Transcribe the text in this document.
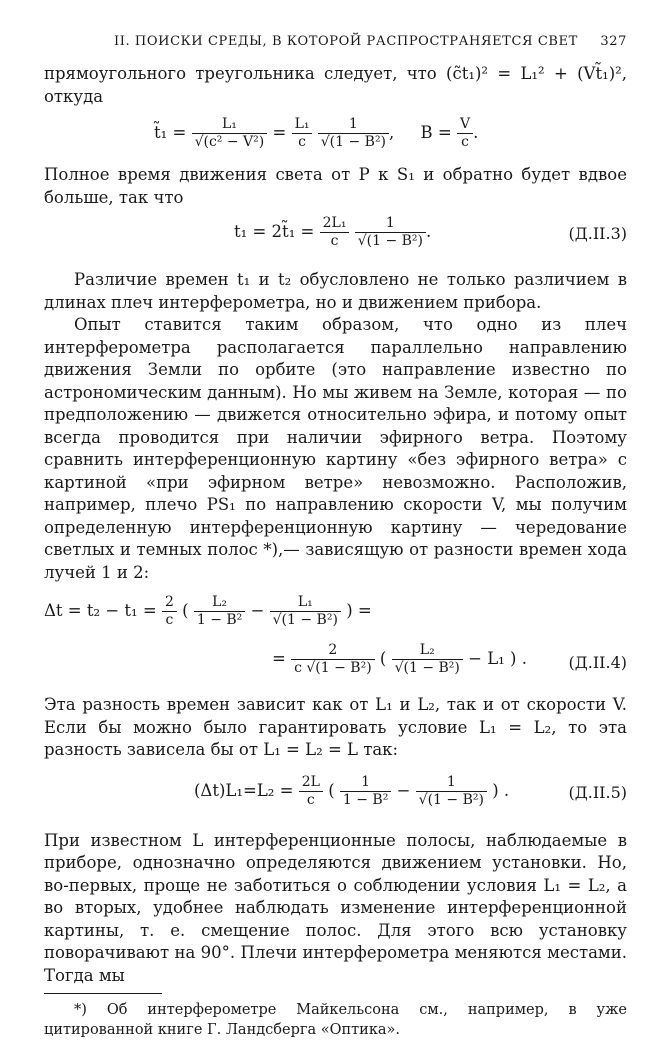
II. ПОИСКИ СРЕДЫ, В КОТОРОЙ РАСПРОСТРАНЯЕТСЯ СВЕТ 327

прямоугольного треугольника следует, что (c̃t₁)² = L₁² + (Vt̃₁)², откуда

t̃₁ = $\frac{\text{L₁}}{\text{√(c² − V²)}} = \frac{\text{L₁}}{c}$
$\frac{1}{\text{√(1 − B²)}}$ , $B = \frac{V}{c}$ .

Полное время движения света от P к S₁ и обратно будет вдвое больше, так что

t₁ = 2t̃₁ = $\frac{\text{2L₁}}{c}$
$\frac{1}{\text{√(1 − B²)}}$ .	(Д.II.3)

Различие времен t₁ и t₂ обусловлено не только различием в длинах плеч интерферометра, но и движением прибора.

Опыт ставится таким образом, что одно из плеч интерферометра располагается параллельно направлению движения Земли по орбите (это направление известно по астрономическим данным). Но мы живем на Земле, которая — по предположению — движется относительно эфира, и потому опыт всегда проводится при наличии эфирного ветра. Поэтому сравнить интерференционную картину «без эфирного ветра» с картиной «при эфирном ветре» невозможно. Расположив, например, плечо PS₁ по направлению скорости V, мы получим определенную интерференционную картину — чередование светлых и темных полос *),— зависящую от разности времен хода лучей 1 и 2:

$\Delta t = t_2 - t_1 = \frac{2}{c}$ ( $\frac{\text{L₂}}{\text{1 − B²}} - \frac{\text{L₁}}{\text{√(1 − B²)}}$ ) =
= $\frac{2}{\text{c √(1 − B²)}}$ ( $\frac{\text{L₂}}{\text{√(1 − B²)}} - L_1$ ) .	(Д.II.4)

Эта разность времен зависит как от L₁ и L₂, так и от скорости V. Если бы можно было гарантировать условие L₁ = L₂, то эта разность зависела бы от L₁ = L₂ = L так:

$(\Delta t)L_1=L_2 = \frac{2L}{c}$ ( $\frac{1}{\text{1 − B²}} - \frac{1}{\text{√(1 − B²)}}$ ) .	(Д.II.5)

При известном L интерференционные полосы, наблюдаемые в приборе, однозначно определяются движением установки. Но, во-первых, проще не заботиться о соблюдении условия L₁ = L₂, а во вторых, удобнее наблюдать изменение интерференционной картины, т. е. смещение полос. Для этого всю установку поворачивают на 90°. Плечи интерферометра меняются местами. Тогда мы

*) Об интерферометре Майкельсона см., например, в уже цитированной книге Г. Ландсберга «Оптика».
